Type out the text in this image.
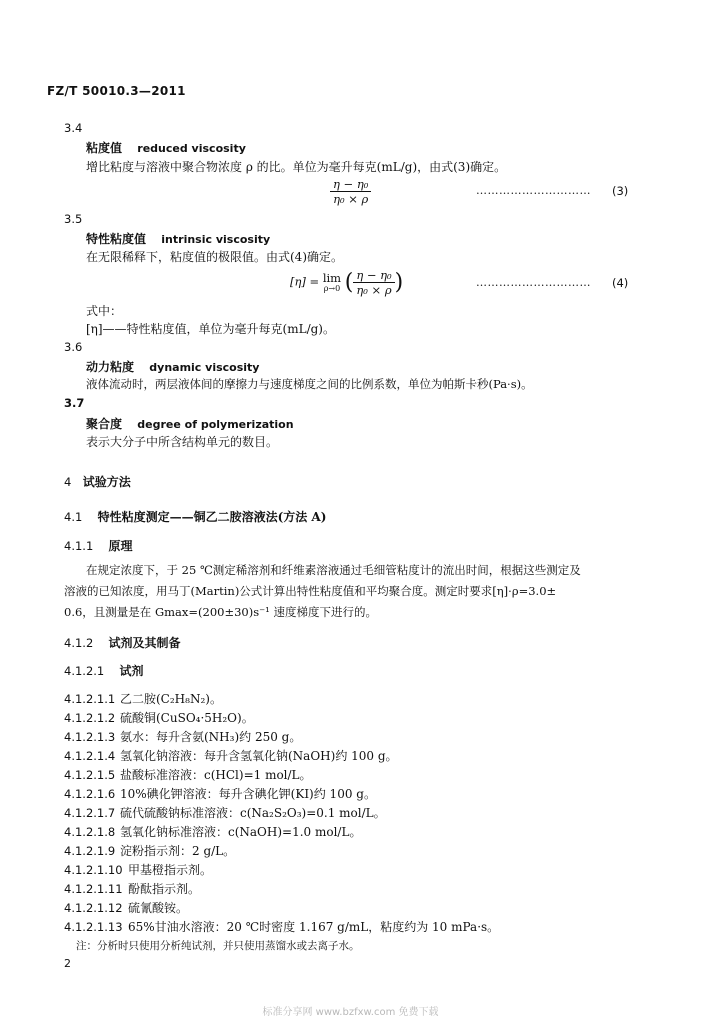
FZ/T 50010.3—2011
3.4
粘度值 reduced viscosity
增比粘度与溶液中聚合物浓度 ρ 的比。单位为毫升每克(mL/g)，由式(3)确定。
$\frac{\text{η − η₀}}{\text{η₀ × ρ}}$	………………………… (3)
3.5
特性粘度值 intrinsic viscosity
在无限稀释下，粘度值的极限值。由式(4)确定。
[η] = lim
ρ→0 ( $\frac{\text{η − η₀}}{\text{η₀ × ρ}}$ )	………………………… (4)
式中：
[η]——特性粘度值，单位为毫升每克(mL/g)。
3.6
动力粘度 dynamic viscosity
液体流动时，两层液体间的摩擦力与速度梯度之间的比例系数，单位为帕斯卡秒(Pa·s)。
3.7
聚合度 degree of polymerization
表示大分子中所含结构单元的数目。
4 试验方法
4.1 特性粘度测定——铜乙二胺溶液法(方法 A)
4.1.1 原理
在规定浓度下，于 25 ℃测定稀溶剂和纤维素溶液通过毛细管粘度计的流出时间，根据这些测定及
溶液的已知浓度，用马丁(Martin)公式计算出特性粘度值和平均聚合度。测定时要求[η]·ρ=3.0±
0.6，且测量是在 Gmax=(200±30)s⁻¹ 速度梯度下进行的。
4.1.2 试剂及其制备
4.1.2.1 试剂
4.1.2.1.1 乙二胺(C₂H₈N₂)。
4.1.2.1.2 硫酸铜(CuSO₄·5H₂O)。
4.1.2.1.3 氨水：每升含氨(NH₃)约 250 g。
4.1.2.1.4 氢氧化钠溶液：每升含氢氧化钠(NaOH)约 100 g。
4.1.2.1.5 盐酸标准溶液：c(HCl)=1 mol/L。
4.1.2.1.6 10%碘化钾溶液：每升含碘化钾(KI)约 100 g。
4.1.2.1.7 硫代硫酸钠标准溶液：c(Na₂S₂O₃)=0.1 mol/L。
4.1.2.1.8 氢氧化钠标准溶液：c(NaOH)=1.0 mol/L。
4.1.2.1.9 淀粉指示剂：2 g/L。
4.1.2.1.10 甲基橙指示剂。
4.1.2.1.11 酚酞指示剂。
4.1.2.1.12 硫氰酸铵。
4.1.2.1.13 65%甘油水溶液：20 ℃时密度 1.167 g/mL，粘度约为 10 mPa·s。
注：分析时只使用分析纯试剂，并只使用蒸馏水或去离子水。
2
标准分享网 www.bzfxw.com 免费下载
